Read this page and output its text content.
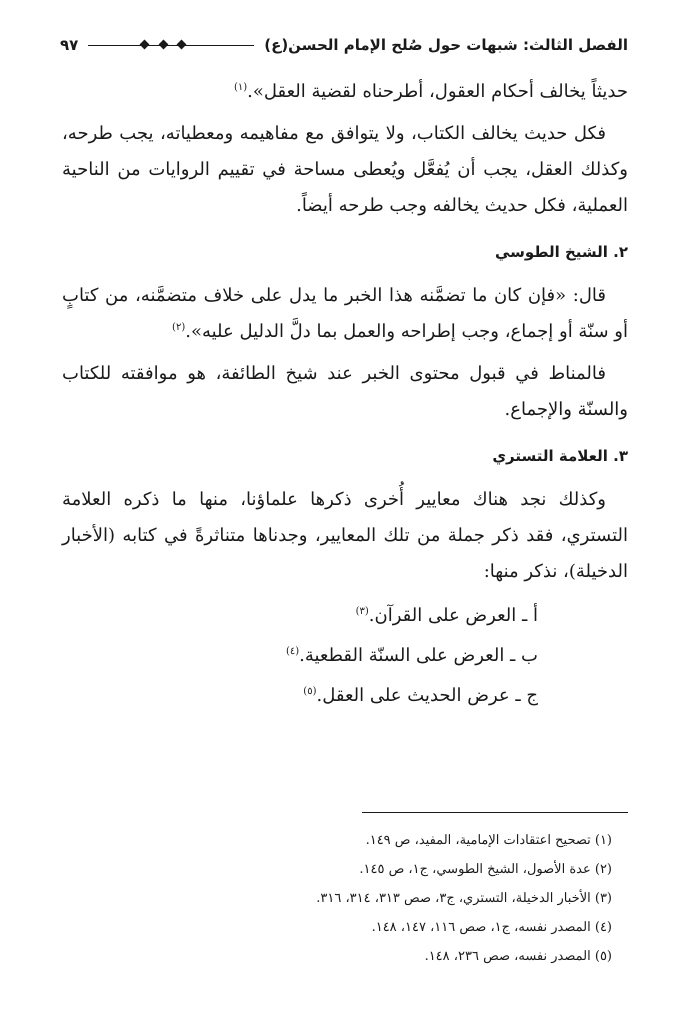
الفصل الثالث: شبهات حول صُلح الإمام الحسن(ع)
٩٧

حديثاً يخالف أحكام العقول، أطرحناه لقضية العقل».$^{(١)}$

فكل حديث يخالف الكتاب، ولا يتوافق مع مفاهيمه ومعطياته، يجب طرحه، وكذلك العقل، يجب أن يُفعَّل ويُعطى مساحة في تقييم الروايات من الناحية العملية، فكل حديث يخالفه وجب طرحه أيضاً.

٢. الشيخ الطوسي

قال: «فإن كان ما تضمَّنه هذا الخبر ما يدل على خلاف متضمَّنه، من كتابٍ أو سنّة أو إجماع، وجب إطراحه والعمل بما دلَّ الدليل عليه».$^{(٢)}$

فالمناط في قبول محتوى الخبر عند شيخ الطائفة، هو موافقته للكتاب والسنّة والإجماع.

٣. العلامة التستري

وكذلك نجد هناك معايير أُخرى ذكرها علماؤنا، منها ما ذكره العلامة التستري، فقد ذكر جملة من تلك المعايير، وجدناها متناثرةً في كتابه (الأخبار الدخيلة)، نذكر منها:

أ ـ العرض على القرآن.$^{(٣)}$

ب ـ العرض على السنّة القطعية.$^{(٤)}$

ج ـ عرض الحديث على العقل.$^{(٥)}$

(١) تصحيح اعتقادات الإمامية، المفيد، ص ١٤٩.
(٢) عدة الأصول، الشيخ الطوسي، ج١، ص ١٤٥.
(٣) الأخبار الدخيلة، التستري، ج٣، صص ٣١٣، ٣١٤، ٣١٦.
(٤) المصدر نفسه، ج١، صص ١١٦، ١٤٧، ١٤٨.
(٥) المصدر نفسه، صص ٢٣٦، ١٤٨.
